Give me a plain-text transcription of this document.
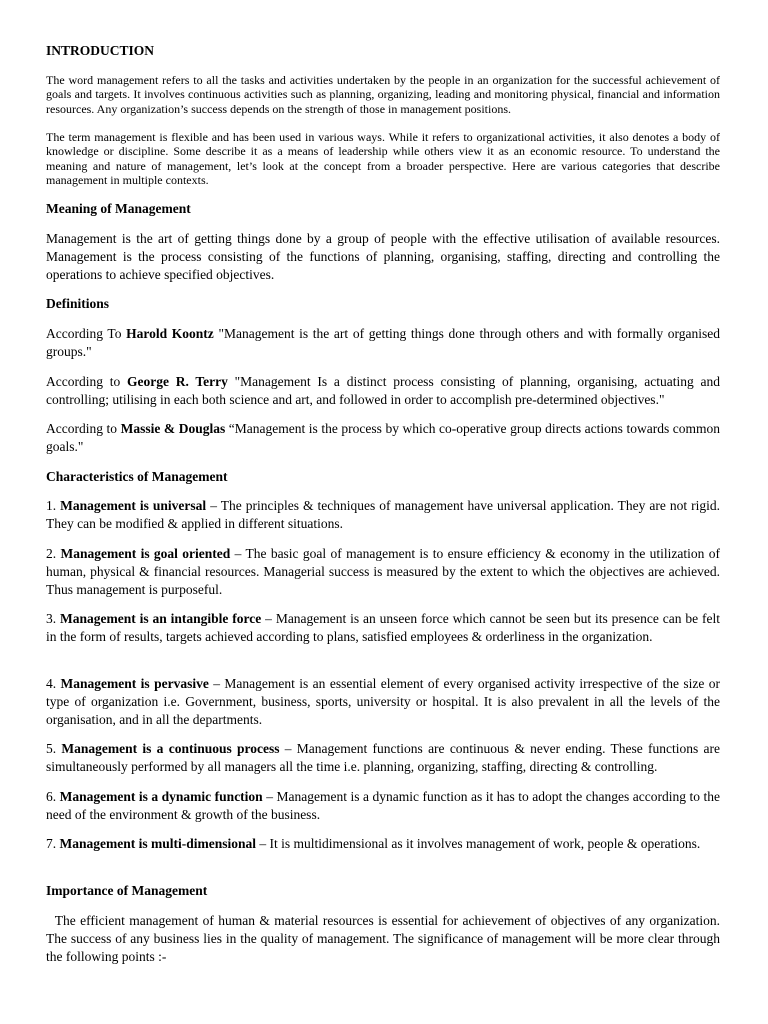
INTRODUCTION

The word management refers to all the tasks and activities undertaken by the people in an organization for the successful achievement of goals and targets. It involves continuous activities such as planning, organizing, leading and monitoring physical, financial and information resources. Any organization’s success depends on the strength of those in management positions.

The term management is flexible and has been used in various ways. While it refers to organizational activities, it also denotes a body of knowledge or discipline. Some describe it as a means of leadership while others view it as an economic resource. To understand the meaning and nature of management, let’s look at the concept from a broader perspective. Here are various categories that describe management in multiple contexts.

Meaning of Management

Management is the art of getting things done by a group of people with the effective utilisation of available resources. Management is the process consisting of the functions of planning, organising, staffing, directing and controlling the operations to achieve specified objectives.

Definitions

According To Harold Koontz "Management is the art of getting things done through others and with formally organised groups."

According to George R. Terry "Management Is a distinct process consisting of planning, organising, actuating and controlling; utilising in each both science and art, and followed in order to accomplish pre-determined objectives."

According to Massie & Douglas “Management is the process by which co-operative group directs actions towards common goals."

Characteristics of Management

1. Management is universal – The principles & techniques of management have universal application. They are not rigid. They can be modified & applied in different situations.

2. Management is goal oriented – The basic goal of management is to ensure efficiency & economy in the utilization of human, physical & financial resources. Managerial success is measured by the extent to which the objectives are achieved. Thus management is purposeful.

3. Management is an intangible force – Management is an unseen force which cannot be seen but its presence can be felt in the form of results, targets achieved according to plans, satisfied employees & orderliness in the organization.

4. Management is pervasive – Management is an essential element of every organised activity irrespective of the size or type of organization i.e. Government, business, sports, university or hospital. It is also prevalent in all the levels of the organisation, and in all the departments.

5. Management is a continuous process – Management functions are continuous & never ending. These functions are simultaneously performed by all managers all the time i.e. planning, organizing, staffing, directing & controlling.

6. Management is a dynamic function – Management is a dynamic function as it has to adopt the changes according to the need of the environment & growth of the business.

7. Management is multi-dimensional – It is multidimensional as it involves management of work, people & operations.

Importance of Management

The efficient management of human & material resources is essential for achievement of objectives of any organization. The success of any business lies in the quality of management. The significance of management will be more clear through the following points :-
